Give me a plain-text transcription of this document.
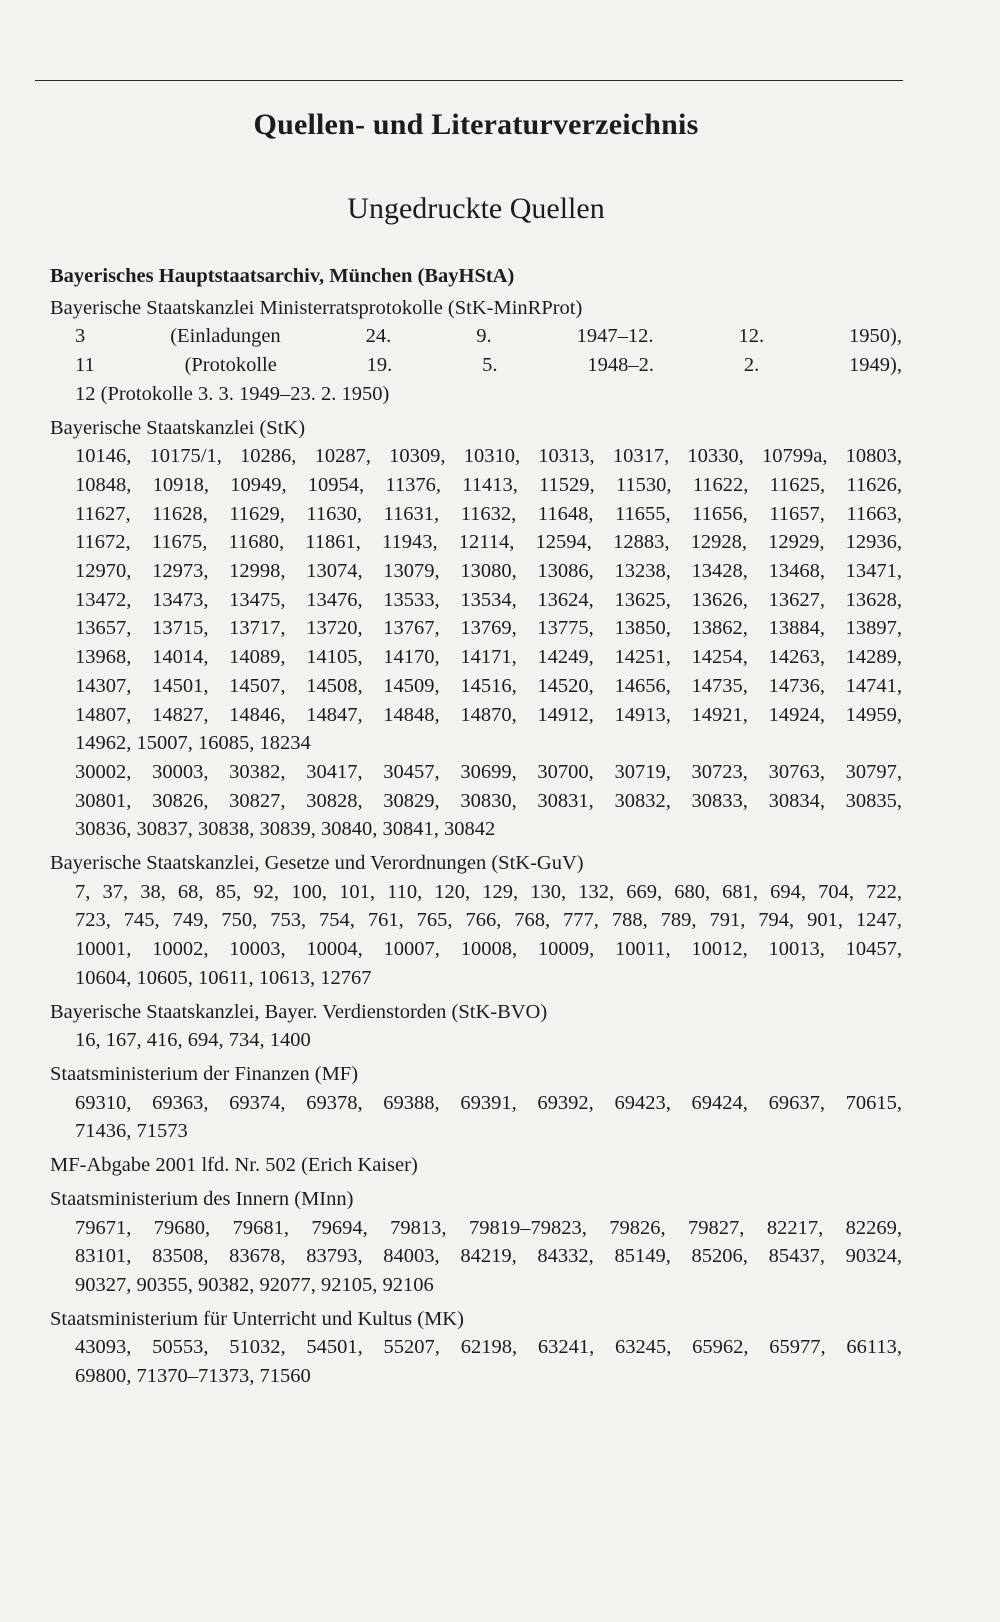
Quellen- und Literaturverzeichnis
Ungedruckte Quellen

Bayerisches Hauptstaatsarchiv, München (BayHStA)

Bayerische Staatskanzlei Ministerratsprotokolle (StK-MinRProt)

3 (Einladungen 24. 9. 1947–12. 12. 1950),

11 (Protokolle 19. 5. 1948–2. 2. 1949),

12 (Protokolle 3. 3. 1949–23. 2. 1950)

Bayerische Staatskanzlei (StK)

10146, 10175/1, 10286, 10287, 10309, 10310, 10313, 10317, 10330, 10799a, 10803,

10848, 10918, 10949, 10954, 11376, 11413, 11529, 11530, 11622, 11625, 11626,

11627, 11628, 11629, 11630, 11631, 11632, 11648, 11655, 11656, 11657, 11663,

11672, 11675, 11680, 11861, 11943, 12114, 12594, 12883, 12928, 12929, 12936,

12970, 12973, 12998, 13074, 13079, 13080, 13086, 13238, 13428, 13468, 13471,

13472, 13473, 13475, 13476, 13533, 13534, 13624, 13625, 13626, 13627, 13628,

13657, 13715, 13717, 13720, 13767, 13769, 13775, 13850, 13862, 13884, 13897,

13968, 14014, 14089, 14105, 14170, 14171, 14249, 14251, 14254, 14263, 14289,

14307, 14501, 14507, 14508, 14509, 14516, 14520, 14656, 14735, 14736, 14741,

14807, 14827, 14846, 14847, 14848, 14870, 14912, 14913, 14921, 14924, 14959,

14962, 15007, 16085, 18234

30002, 30003, 30382, 30417, 30457, 30699, 30700, 30719, 30723, 30763, 30797,

30801, 30826, 30827, 30828, 30829, 30830, 30831, 30832, 30833, 30834, 30835,

30836, 30837, 30838, 30839, 30840, 30841, 30842

Bayerische Staatskanzlei, Gesetze und Verordnungen (StK-GuV)

7, 37, 38, 68, 85, 92, 100, 101, 110, 120, 129, 130, 132, 669, 680, 681, 694, 704, 722,

723, 745, 749, 750, 753, 754, 761, 765, 766, 768, 777, 788, 789, 791, 794, 901, 1247,

10001, 10002, 10003, 10004, 10007, 10008, 10009, 10011, 10012, 10013, 10457,

10604, 10605, 10611, 10613, 12767

Bayerische Staatskanzlei, Bayer. Verdienstorden (StK-BVO)

16, 167, 416, 694, 734, 1400

Staatsministerium der Finanzen (MF)

69310, 69363, 69374, 69378, 69388, 69391, 69392, 69423, 69424, 69637, 70615,

71436, 71573

MF-Abgabe 2001 lfd. Nr. 502 (Erich Kaiser)

Staatsministerium des Innern (MInn)

79671, 79680, 79681, 79694, 79813, 79819–79823, 79826, 79827, 82217, 82269,

83101, 83508, 83678, 83793, 84003, 84219, 84332, 85149, 85206, 85437, 90324,

90327, 90355, 90382, 92077, 92105, 92106

Staatsministerium für Unterricht und Kultus (MK)

43093, 50553, 51032, 54501, 55207, 62198, 63241, 63245, 65962, 65977, 66113,

69800, 71370–71373, 71560
